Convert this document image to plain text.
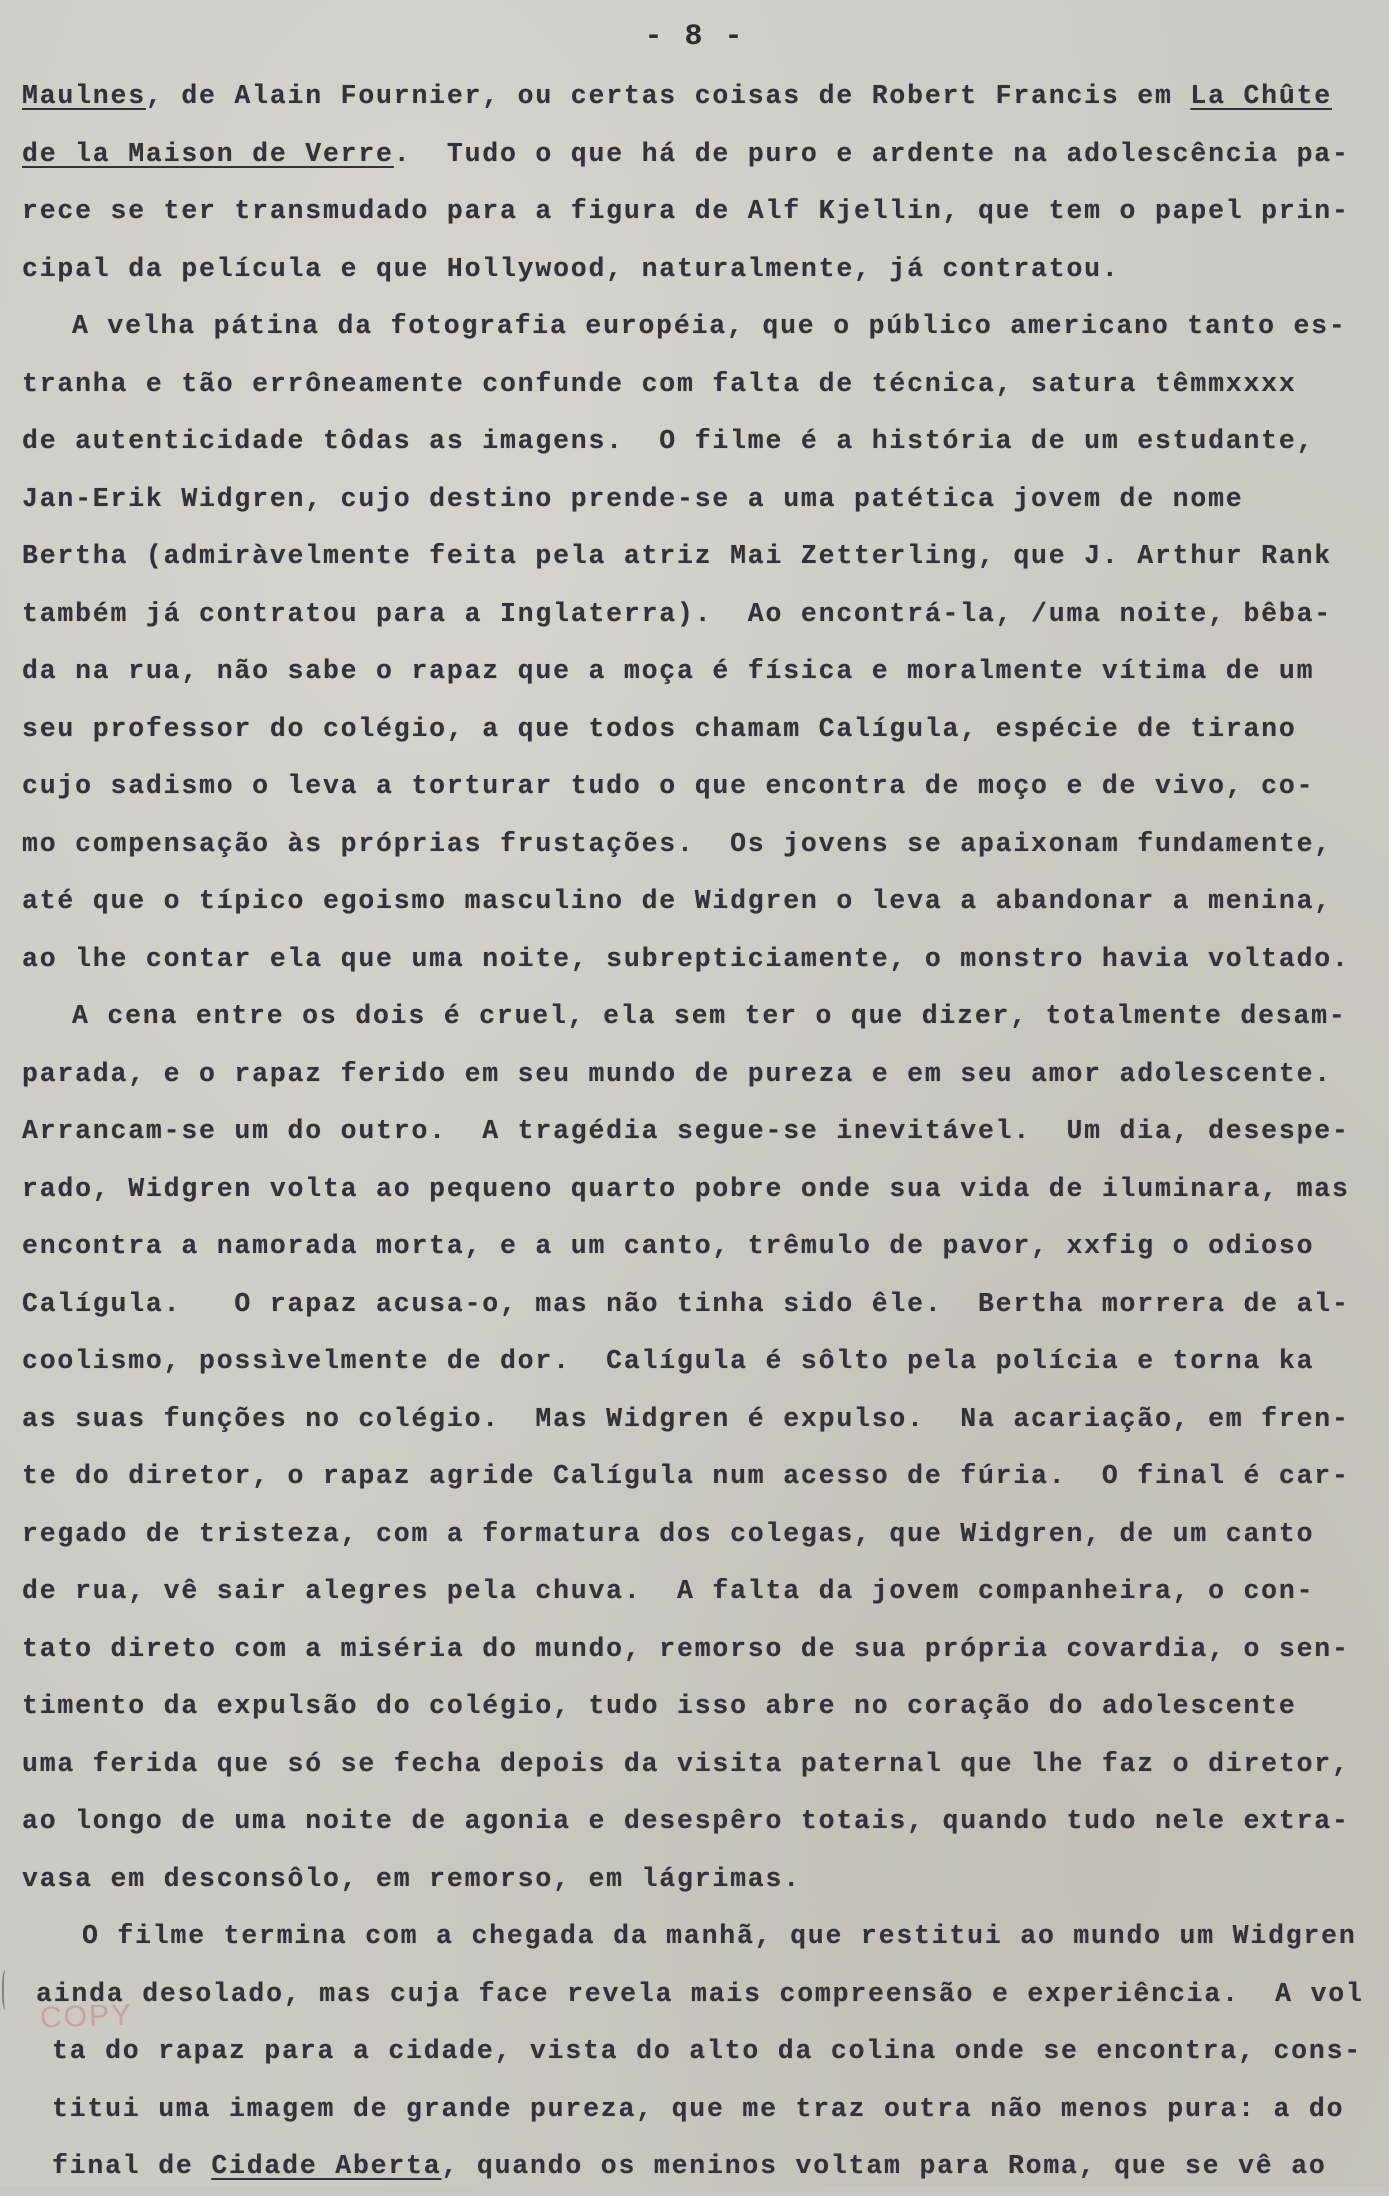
- 8 -
Maulnes, de Alain Fournier, ou certas coisas de Robert Francis em La Chûte
de la Maison de Verre.  Tudo o que há de puro e ardente na adolescência pa-
rece se ter transmudado para a figura de Alf Kjellin, que tem o papel prin-
cipal da película e que Hollywood, naturalmente, já contratou.
A velha pátina da fotografia européia, que o público americano tanto es-
tranha e tão errôneamente confunde com falta de técnica, satura têmmxxxx
de autenticidade tôdas as imagens.  O filme é a história de um estudante,
Jan-Erik Widgren, cujo destino prende-se a uma patética jovem de nome
Bertha (admiràvelmente feita pela atriz Mai Zetterling, que J. Arthur Rank
também já contratou para a Inglaterra).  Ao encontrá-la, /uma noite, bêba-
da na rua, não sabe o rapaz que a moça é física e moralmente vítima de um
seu professor do colégio, a que todos chamam Calígula, espécie de tirano
cujo sadismo o leva a torturar tudo o que encontra de moço e de vivo, co-
mo compensação às próprias frustações.  Os jovens se apaixonam fundamente,
até que o típico egoismo masculino de Widgren o leva a abandonar a menina,
ao lhe contar ela que uma noite, subrepticiamente, o monstro havia voltado.
A cena entre os dois é cruel, ela sem ter o que dizer, totalmente desam-
parada, e o rapaz ferido em seu mundo de pureza e em seu amor adolescente.
Arrancam-se um do outro.  A tragédia segue-se inevitável.  Um dia, desespe-
rado, Widgren volta ao pequeno quarto pobre onde sua vida de iluminara, mas
encontra a namorada morta, e a um canto, trêmulo de pavor, xxfig o odioso
Calígula.   O rapaz acusa-o, mas não tinha sido êle.  Bertha morrera de al-
coolismo, possìvelmente de dor.  Calígula é sôlto pela polícia e torna ka
as suas funções no colégio.  Mas Widgren é expulso.  Na acariação, em fren-
te do diretor, o rapaz agride Calígula num acesso de fúria.  O final é car-
regado de tristeza, com a formatura dos colegas, que Widgren, de um canto
de rua, vê sair alegres pela chuva.  A falta da jovem companheira, o con-
tato direto com a miséria do mundo, remorso de sua própria covardia, o sen-
timento da expulsão do colégio, tudo isso abre no coração do adolescente
uma ferida que só se fecha depois da visita paternal que lhe faz o diretor,
ao longo de uma noite de agonia e desespêro totais, quando tudo nele extra-
vasa em desconsôlo, em remorso, em lágrimas.
O filme termina com a chegada da manhã, que restitui ao mundo um Widgren
ainda desolado, mas cuja face revela mais compreensão e experiência.  A vol
ta do rapaz para a cidade, vista do alto da colina onde se encontra, cons-
titui uma imagem de grande pureza, que me traz outra não menos pura: a do
final de Cidade Aberta, quando os meninos voltam para Roma, que se vê ao
COPY
